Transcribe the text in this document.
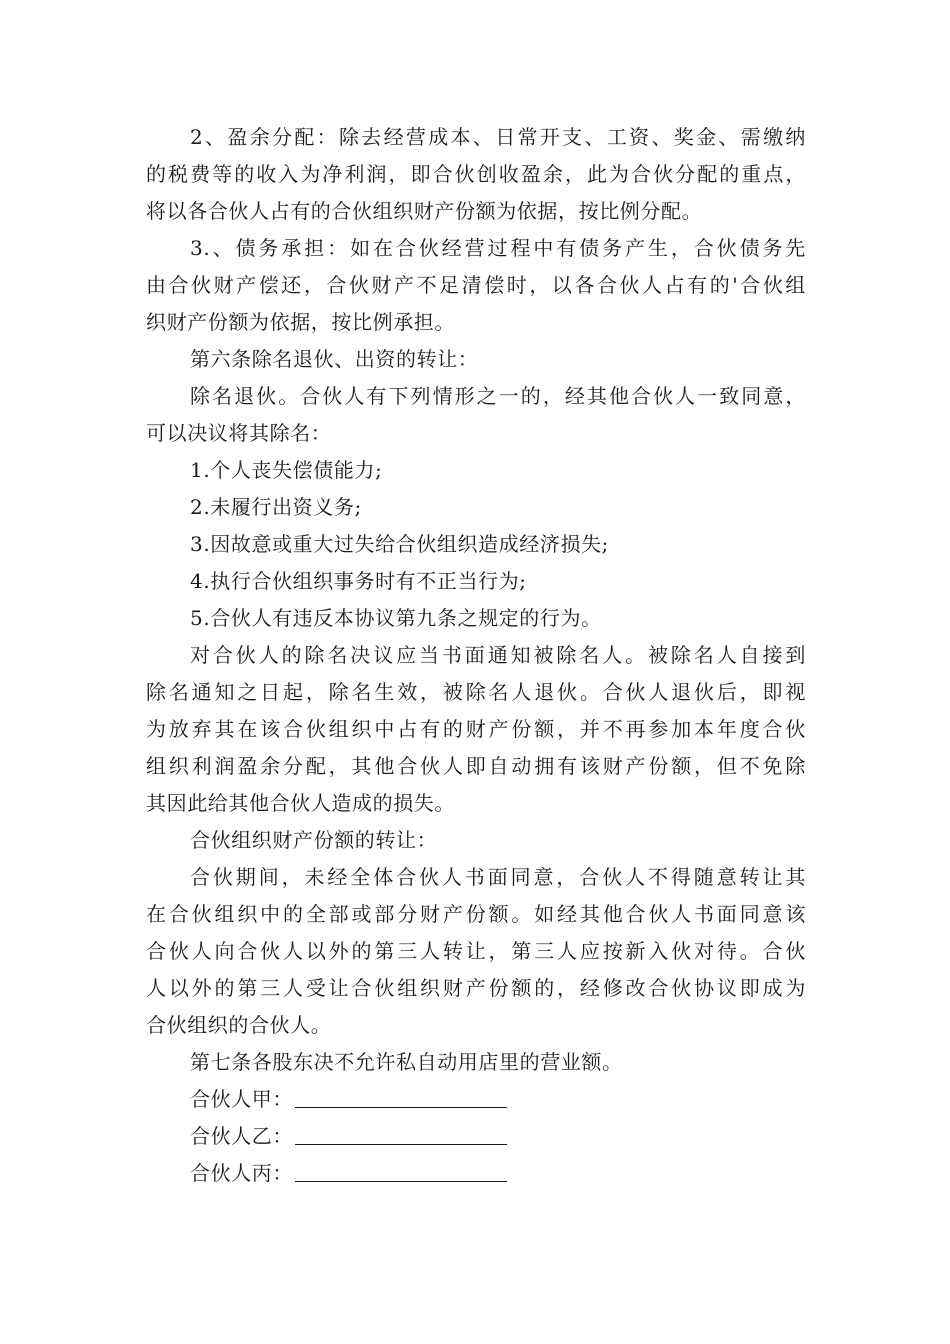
2、盈余分配：除去经营成本、日常开支、工资、奖金、需缴纳
的税费等的收入为净利润，即合伙创收盈余，此为合伙分配的重点，
将以各合伙人占有的合伙组织财产份额为依据，按比例分配。
3.、债务承担：如在合伙经营过程中有债务产生，合伙债务先
由合伙财产偿还，合伙财产不足清偿时，以各合伙人占有的'合伙组
织财产份额为依据，按比例承担。
第六条除名退伙、出资的转让：
除名退伙。合伙人有下列情形之一的，经其他合伙人一致同意，
可以决议将其除名：
1.个人丧失偿债能力;
2.未履行出资义务;
3.因故意或重大过失给合伙组织造成经济损失;
4.执行合伙组织事务时有不正当行为;
5.合伙人有违反本协议第九条之规定的行为。
对合伙人的除名决议应当书面通知被除名人。被除名人自接到
除名通知之日起，除名生效，被除名人退伙。合伙人退伙后，即视
为放弃其在该合伙组织中占有的财产份额，并不再参加本年度合伙
组织利润盈余分配，其他合伙人即自动拥有该财产份额，但不免除
其因此给其他合伙人造成的损失。
合伙组织财产份额的转让：
合伙期间，未经全体合伙人书面同意，合伙人不得随意转让其
在合伙组织中的全部或部分财产份额。如经其他合伙人书面同意该
合伙人向合伙人以外的第三人转让，第三人应按新入伙对待。合伙
人以外的第三人受让合伙组织财产份额的，经修改合伙协议即成为
合伙组织的合伙人。
第七条各股东决不允许私自动用店里的营业额。
合伙人甲：
合伙人乙：
合伙人丙：
